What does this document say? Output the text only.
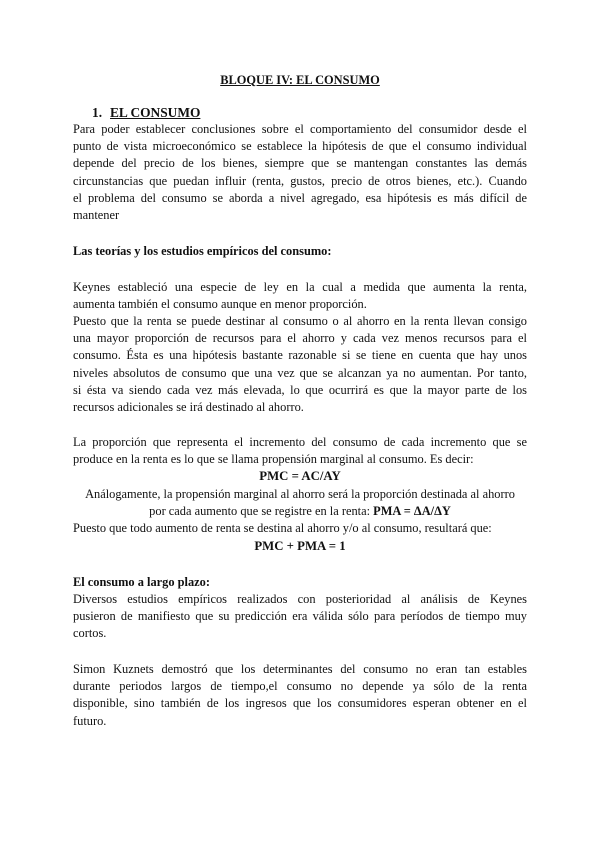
BLOQUE IV: EL CONSUMO
1. EL CONSUMO

Para poder establecer conclusiones sobre el comportamiento del consumidor desde el

punto de vista microeconómico se establece la hipótesis de que el consumo individual

depende del precio de los bienes, siempre que se mantengan constantes las demás

circunstancias que puedan influir (renta, gustos, precio de otros bienes, etc.). Cuando

el problema del consumo se aborda a nivel agregado, esa hipótesis es más difícil de

mantener

Las teorías y los estudios empíricos del consumo:

Keynes estableció una especie de ley en la cual a medida que aumenta la renta,

aumenta también el consumo aunque en menor proporción.

Puesto que la renta se puede destinar al consumo o al ahorro en la renta llevan consigo

una mayor proporción de recursos para el ahorro y cada vez menos recursos para el

consumo. Ésta es una hipótesis bastante razonable si se tiene en cuenta que hay unos

niveles absolutos de consumo que una vez que se alcanzan ya no aumentan. Por tanto,

si ésta va siendo cada vez más elevada, lo que ocurrirá es que la mayor parte de los

recursos adicionales se irá destinado al ahorro.

La proporción que representa el incremento del consumo de cada incremento que se

produce en la renta es lo que se llama propensión marginal al consumo. Es decir:

PMC = AC/AY

Análogamente, la propensión marginal al ahorro será la proporción destinada al ahorro

por cada aumento que se registre en la renta: PMA = ΔA/ΔY

Puesto que todo aumento de renta se destina al ahorro y/o al consumo, resultará que:

PMC + PMA = 1
El consumo a largo plazo:

Diversos estudios empíricos realizados con posterioridad al análisis de Keynes

pusieron de manifiesto que su predicción era válida sólo para períodos de tiempo muy

cortos.

Simon Kuznets demostró que los determinantes del consumo no eran tan estables

durante periodos largos de tiempo,el consumo no depende ya sólo de la renta

disponible, sino también de los ingresos que los consumidores esperan obtener en el

futuro.
